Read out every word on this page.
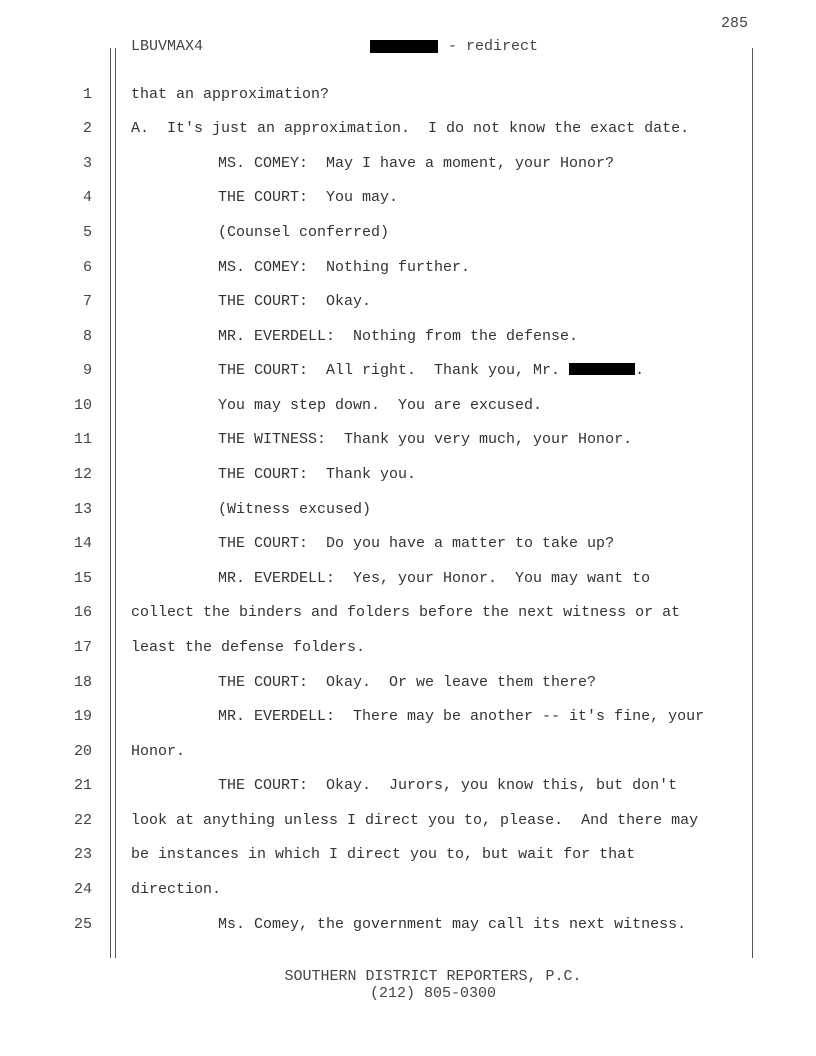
285
LBUVMAX4	- redirect
1	that an approximation?
2	A.  It's just an approximation.  I do not know the exact date.
3	MS. COMEY:  May I have a moment, your Honor?
4	THE COURT:  You may.
5	(Counsel conferred)
6	MS. COMEY:  Nothing further.
7	THE COURT:  Okay.
8	MR. EVERDELL:  Nothing from the defense.
9	THE COURT:  All right.  Thank you, Mr.	.
10	You may step down.  You are excused.
11	THE WITNESS:  Thank you very much, your Honor.
12	THE COURT:  Thank you.
13	(Witness excused)
14	THE COURT:  Do you have a matter to take up?
15	MR. EVERDELL:  Yes, your Honor.  You may want to
16	collect the binders and folders before the next witness or at
17	least the defense folders.
18	THE COURT:  Okay.  Or we leave them there?
19	MR. EVERDELL:  There may be another -- it's fine, your
20	Honor.
21	THE COURT:  Okay.  Jurors, you know this, but don't
22	look at anything unless I direct you to, please.  And there may
23	be instances in which I direct you to, but wait for that
24	direction.
25	Ms. Comey, the government may call its next witness.
SOUTHERN DISTRICT REPORTERS, P.C.
(212) 805-0300
